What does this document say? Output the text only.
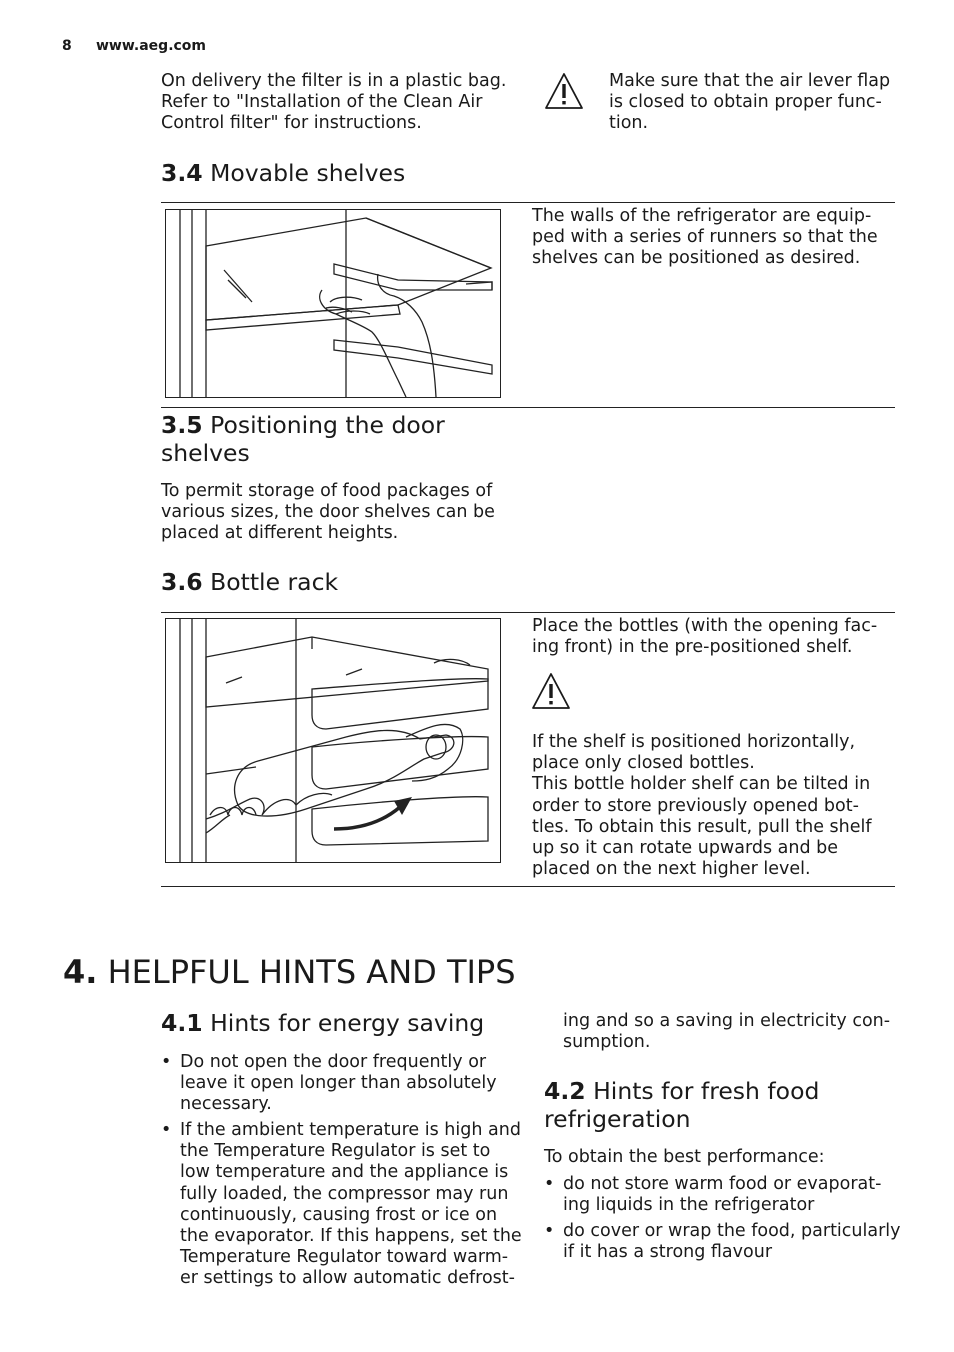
8 www.aeg.com
On delivery the filter is in a plastic bag.
Refer to "Installation of the Clean Air
Control filter" for instructions.
Make sure that the air lever flap
is closed to obtain proper func-
tion.
3.4 Movable shelves
The walls of the refrigerator are equip-
ped with a series of runners so that the
shelves can be positioned as desired.
3.5 Positioning the door
shelves
To permit storage of food packages of
various sizes, the door shelves can be
placed at different heights.
3.6 Bottle rack
Place the bottles (with the opening fac-
ing front) in the pre-positioned shelf.
If the shelf is positioned horizontally,
place only closed bottles.
This bottle holder shelf can be tilted in
order to store previously opened bot-
tles. To obtain this result, pull the shelf
up so it can rotate upwards and be
placed on the next higher level.
4. HELPFUL HINTS AND TIPS
4.1 Hints for energy saving
• Do not open the door frequently or
leave it open longer than absolutely
necessary.
• If the ambient temperature is high and
the Temperature Regulator is set to
low temperature and the appliance is
fully loaded, the compressor may run
continuously, causing frost or ice on
the evaporator. If this happens, set the
Temperature Regulator toward warm-
er settings to allow automatic defrost-
ing and so a saving in electricity con-
sumption.
4.2 Hints for fresh food
refrigeration
To obtain the best performance:
• do not store warm food or evaporat-
ing liquids in the refrigerator
• do cover or wrap the food, particularly
if it has a strong flavour
